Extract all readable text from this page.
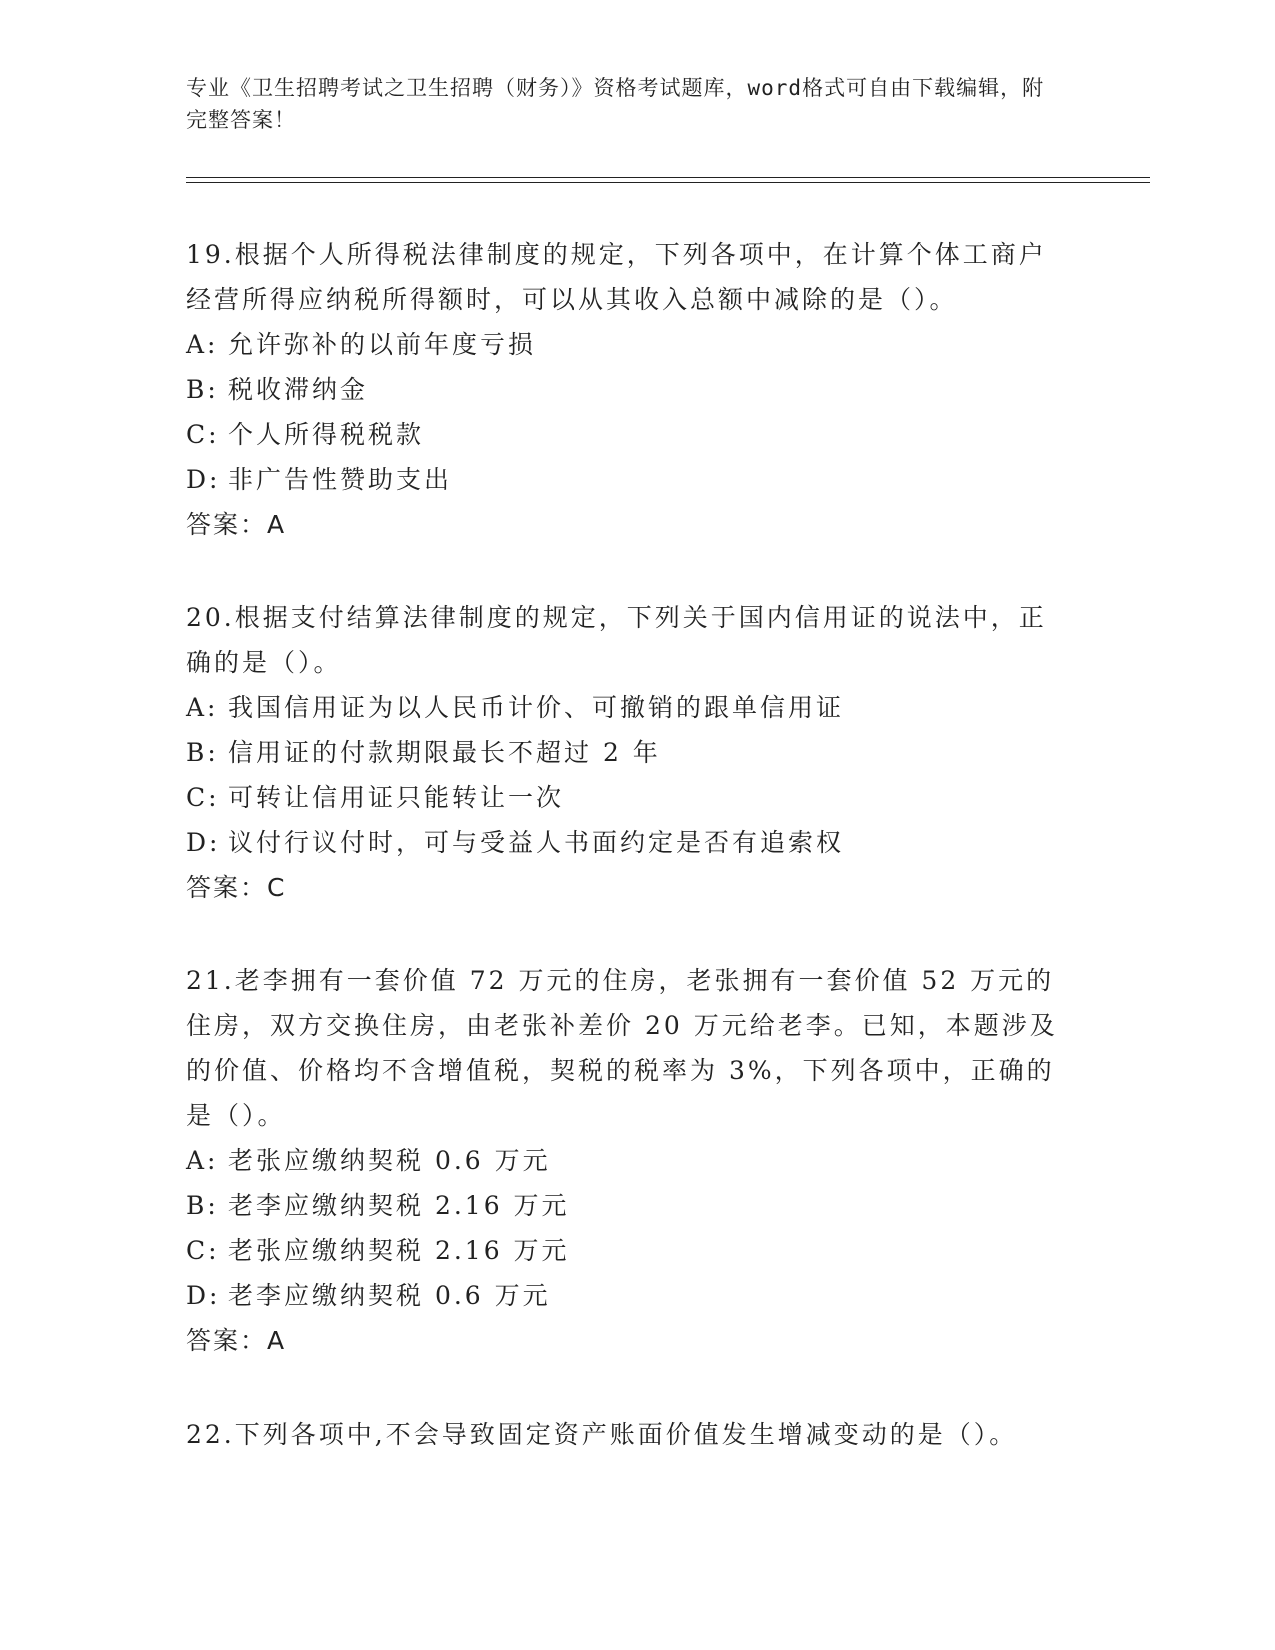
专业《卫生招聘考试之卫生招聘（财务）》资格考试题库，word格式可自由下载编辑，附完整答案！

19.根据个人所得税法律制度的规定，下列各项中，在计算个体工商户经营所得应纳税所得额时，可以从其收入总额中减除的是（）。

A: 允许弥补的以前年度亏损

B: 税收滞纳金

C: 个人所得税税款

D: 非广告性赞助支出

答案：A

20.根据支付结算法律制度的规定，下列关于国内信用证的说法中，正确的是（）。

A: 我国信用证为以人民币计价、可撤销的跟单信用证

B: 信用证的付款期限最长不超过 2 年

C: 可转让信用证只能转让一次

D: 议付行议付时，可与受益人书面约定是否有追索权

答案：C

21.老李拥有一套价值 72 万元的住房，老张拥有一套价值 52 万元的住房，双方交换住房，由老张补差价 20 万元给老李。已知，本题涉及的价值、价格均不含增值税，契税的税率为 3%，下列各项中，正确的是（）。

A: 老张应缴纳契税 0.6 万元

B: 老李应缴纳契税 2.16 万元

C: 老张应缴纳契税 2.16 万元

D: 老李应缴纳契税 0.6 万元

答案：A

22.下列各项中,不会导致固定资产账面价值发生增减变动的是（）。
